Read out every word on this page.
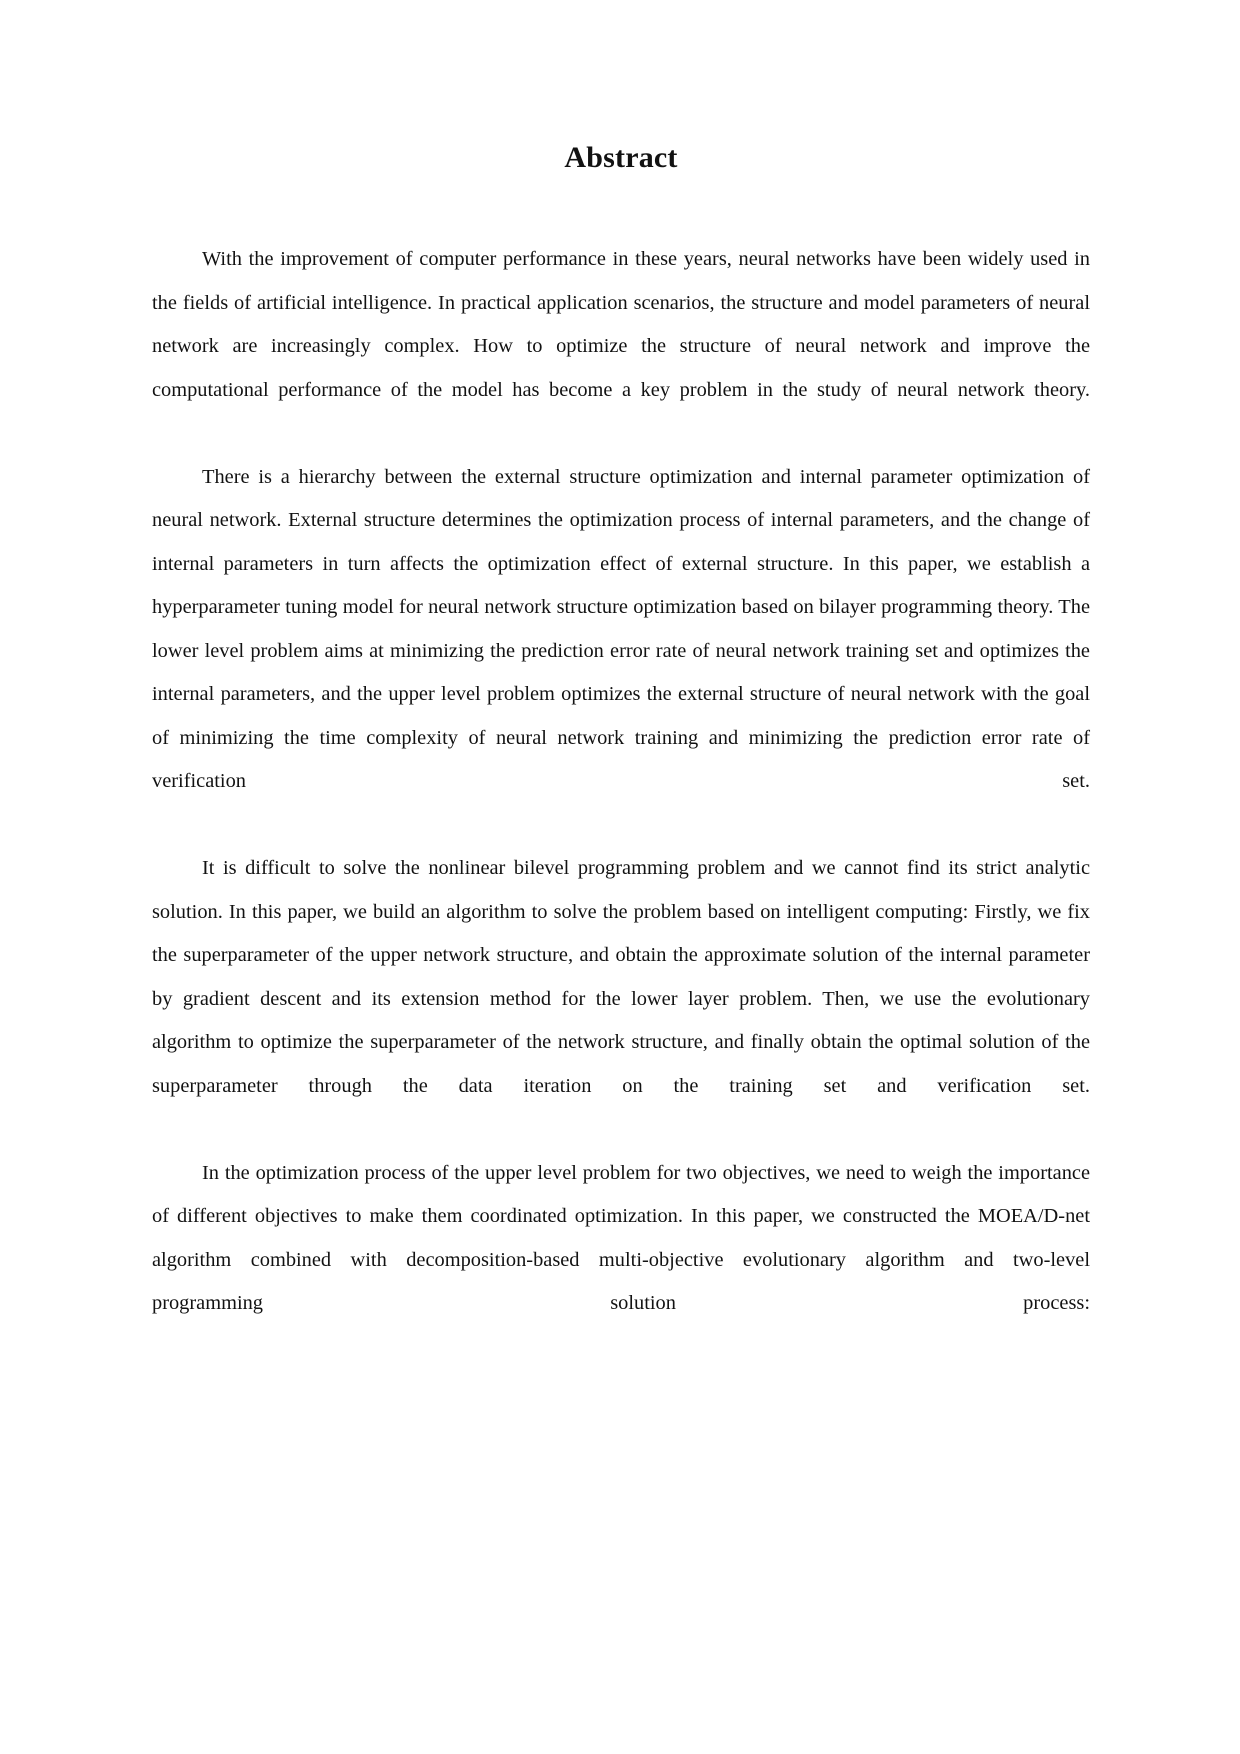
Abstract

With the improvement of computer performance in these years, neural networks have been widely used in the fields of artificial intelligence. In practical application scenarios, the structure and model parameters of neural network are increasingly complex. How to optimize the structure of neural network and improve the computational performance of the model has become a key problem in the study of neural network theory.

There is a hierarchy between the external structure optimization and internal parameter optimization of neural network. External structure determines the optimization process of internal parameters, and the change of internal parameters in turn affects the optimization effect of external structure. In this paper, we establish a hyperparameter tuning model for neural network structure optimization based on bilayer programming theory. The lower level problem aims at minimizing the prediction error rate of neural network training set and optimizes the internal parameters, and the upper level problem optimizes the external structure of neural network with the goal of minimizing the time complexity of neural network training and minimizing the prediction error rate of verification set.

It is difficult to solve the nonlinear bilevel programming problem and we cannot find its strict analytic solution. In this paper, we build an algorithm to solve the problem based on intelligent computing: Firstly, we fix the superparameter of the upper network structure, and obtain the approximate solution of the internal parameter by gradient descent and its extension method for the lower layer problem. Then, we use the evolutionary algorithm to optimize the superparameter of the network structure, and finally obtain the optimal solution of the superparameter through the data iteration on the training set and verification set.

In the optimization process of the upper level problem for two objectives, we need to weigh the importance of different objectives to make them coordinated optimization. In this paper, we constructed the MOEA/D-net algorithm combined with decomposition-based multi-objective evolutionary algorithm and two-level programming solution process:
